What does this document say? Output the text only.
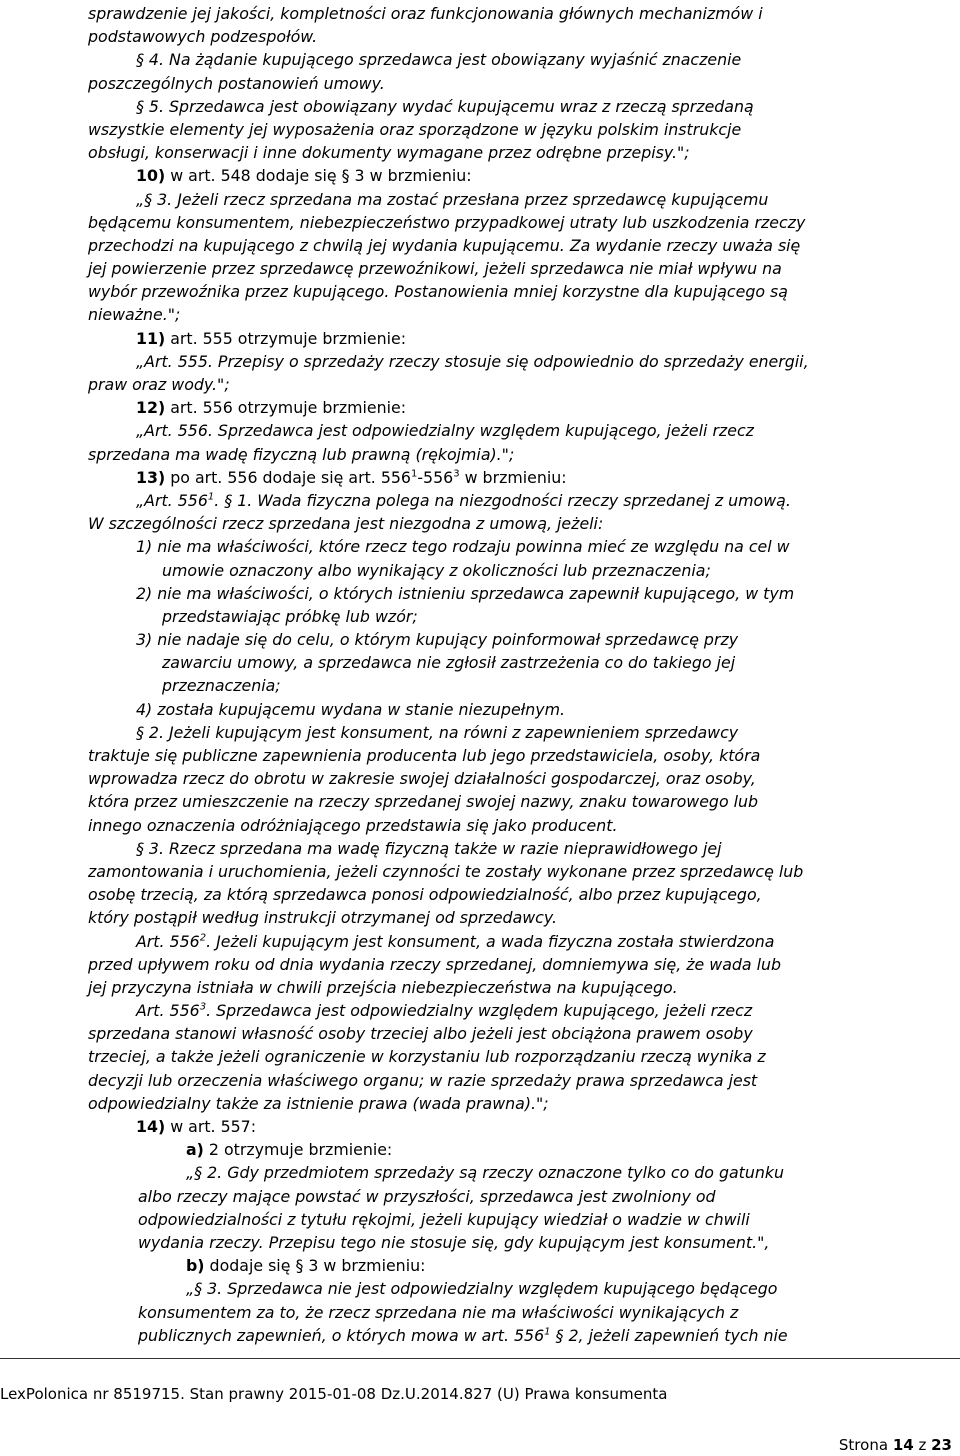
sprawdzenie jej jakości, kompletności oraz funkcjonowania głównych mechanizmów i
podstawowych podzespołów.
§ 4. Na żądanie kupującego sprzedawca jest obowiązany wyjaśnić znaczenie
poszczególnych postanowień umowy.
§ 5. Sprzedawca jest obowiązany wydać kupującemu wraz z rzeczą sprzedaną
wszystkie elementy jej wyposażenia oraz sporządzone w języku polskim instrukcje
obsługi, konserwacji i inne dokumenty wymagane przez odrębne przepisy.";
10) w art. 548 dodaje się § 3 w brzmieniu:
„§ 3. Jeżeli rzecz sprzedana ma zostać przesłana przez sprzedawcę kupującemu
będącemu konsumentem, niebezpieczeństwo przypadkowej utraty lub uszkodzenia rzeczy
przechodzi na kupującego z chwilą jej wydania kupującemu. Za wydanie rzeczy uważa się
jej powierzenie przez sprzedawcę przewoźnikowi, jeżeli sprzedawca nie miał wpływu na
wybór przewoźnika przez kupującego. Postanowienia mniej korzystne dla kupującego są
nieważne.";
11) art. 555 otrzymuje brzmienie:
„Art. 555. Przepisy o sprzedaży rzeczy stosuje się odpowiednio do sprzedaży energii,
praw oraz wody.";
12) art. 556 otrzymuje brzmienie:
„Art. 556. Sprzedawca jest odpowiedzialny względem kupującego, jeżeli rzecz
sprzedana ma wadę fizyczną lub prawną (rękojmia).";
13) po art. 556 dodaje się art. $556^1-556^3$ w brzmieniu:
„Art. $556^1$. § 1. Wada fizyczna polega na niezgodności rzeczy sprzedanej z umową.
W szczególności rzecz sprzedana jest niezgodna z umową, jeżeli:
1) nie ma właściwości, które rzecz tego rodzaju powinna mieć ze względu na cel w
umowie oznaczony albo wynikający z okoliczności lub przeznaczenia;
2) nie ma właściwości, o których istnieniu sprzedawca zapewnił kupującego, w tym
przedstawiając próbkę lub wzór;
3) nie nadaje się do celu, o którym kupujący poinformował sprzedawcę przy
zawarciu umowy, a sprzedawca nie zgłosił zastrzeżenia co do takiego jej
przeznaczenia;
4) została kupującemu wydana w stanie niezupełnym.
§ 2. Jeżeli kupującym jest konsument, na równi z zapewnieniem sprzedawcy
traktuje się publiczne zapewnienia producenta lub jego przedstawiciela, osoby, która
wprowadza rzecz do obrotu w zakresie swojej działalności gospodarczej, oraz osoby,
która przez umieszczenie na rzeczy sprzedanej swojej nazwy, znaku towarowego lub
innego oznaczenia odróżniającego przedstawia się jako producent.
§ 3. Rzecz sprzedana ma wadę fizyczną także w razie nieprawidłowego jej
zamontowania i uruchomienia, jeżeli czynności te zostały wykonane przez sprzedawcę lub
osobę trzecią, za którą sprzedawca ponosi odpowiedzialność, albo przez kupującego,
który postąpił według instrukcji otrzymanej od sprzedawcy.
Art. $556^2$. Jeżeli kupującym jest konsument, a wada fizyczna została stwierdzona
przed upływem roku od dnia wydania rzeczy sprzedanej, domniemywa się, że wada lub
jej przyczyna istniała w chwili przejścia niebezpieczeństwa na kupującego.
Art. $556^3$. Sprzedawca jest odpowiedzialny względem kupującego, jeżeli rzecz
sprzedana stanowi własność osoby trzeciej albo jeżeli jest obciążona prawem osoby
trzeciej, a także jeżeli ograniczenie w korzystaniu lub rozporządzaniu rzeczą wynika z
decyzji lub orzeczenia właściwego organu; w razie sprzedaży prawa sprzedawca jest
odpowiedzialny także za istnienie prawa (wada prawna).";
14) w art. 557:
a) 2 otrzymuje brzmienie:
„§ 2. Gdy przedmiotem sprzedaży są rzeczy oznaczone tylko co do gatunku
albo rzeczy mające powstać w przyszłości, sprzedawca jest zwolniony od
odpowiedzialności z tytułu rękojmi, jeżeli kupujący wiedział o wadzie w chwili
wydania rzeczy. Przepisu tego nie stosuje się, gdy kupującym jest konsument.",
b) dodaje się § 3 w brzmieniu:
„§ 3. Sprzedawca nie jest odpowiedzialny względem kupującego będącego
konsumentem za to, że rzecz sprzedana nie ma właściwości wynikających z
publicznych zapewnień, o których mowa w art. $556^1$ § 2, jeżeli zapewnień tych nie
LexPolonica nr 8519715. Stan prawny 2015-01-08 Dz.U.2014.827 (U) Prawa konsumenta
Strona 14 z 23
